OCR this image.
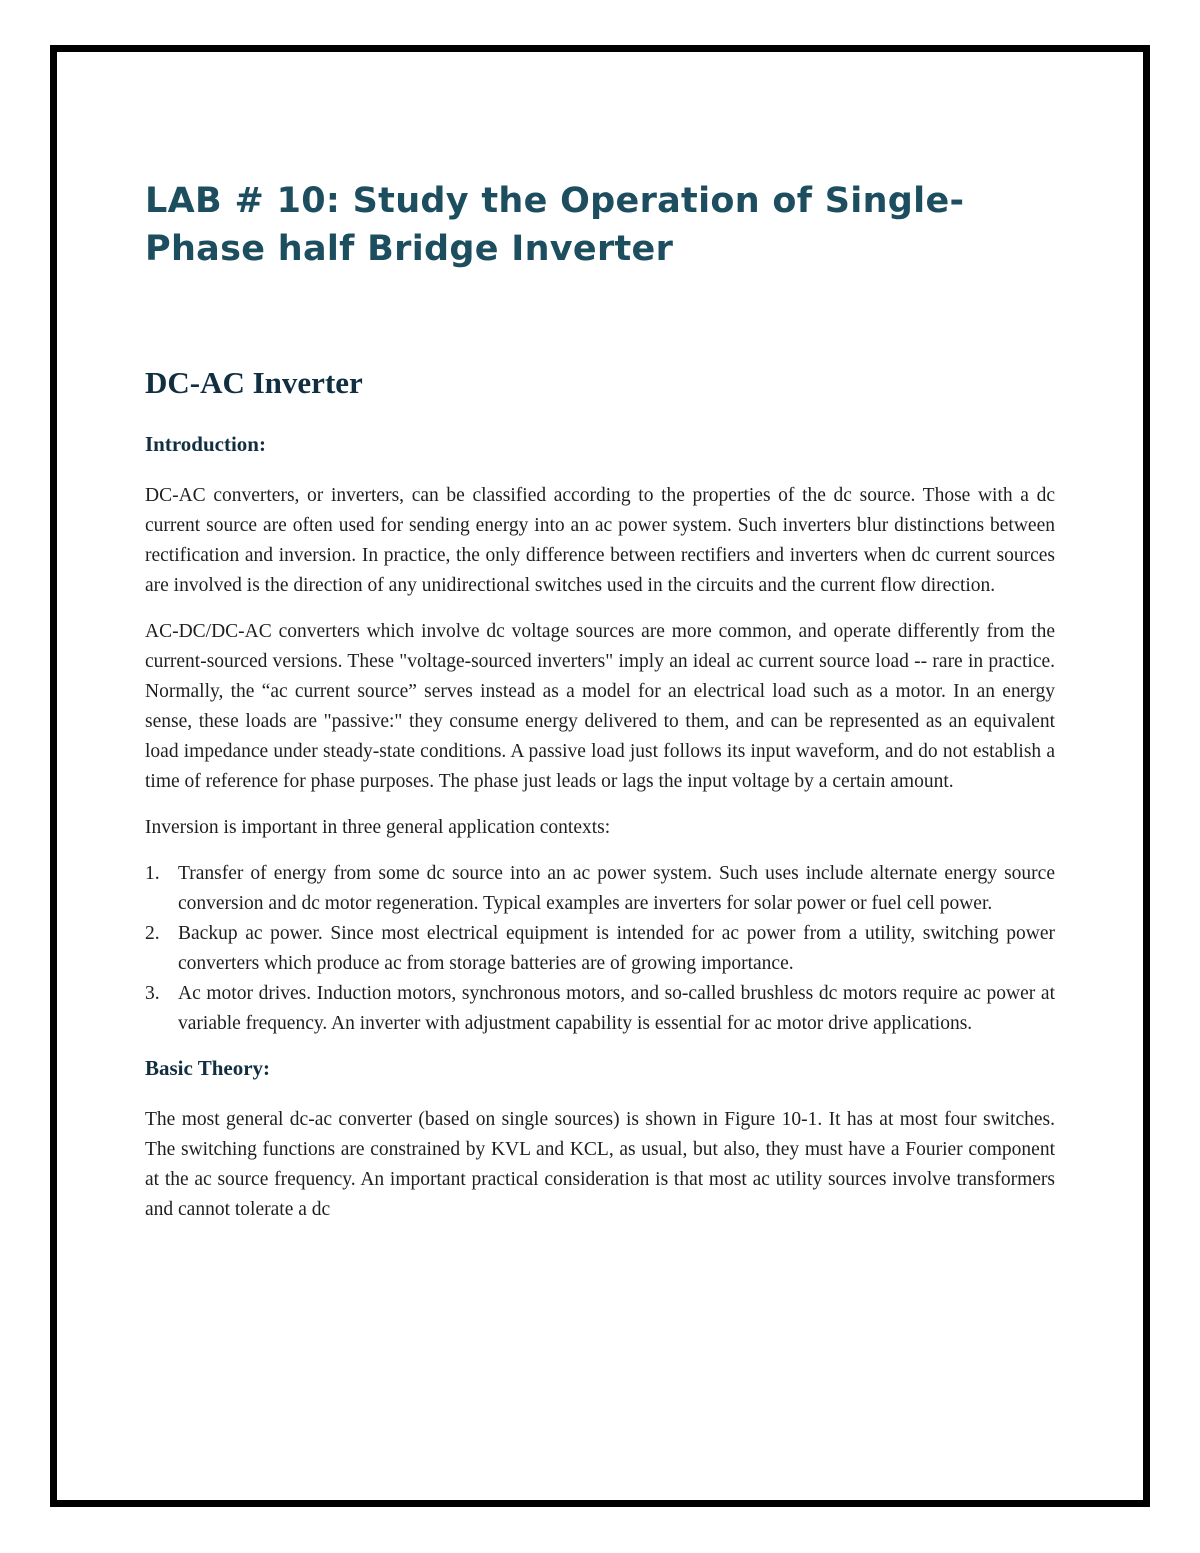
LAB # 10: Study the Operation of Single-Phase half Bridge Inverter
DC-AC Inverter
Introduction:

DC-AC converters, or inverters, can be classified according to the properties of the dc source. Those with a dc current source are often used for sending energy into an ac power system. Such inverters blur distinctions between rectification and inversion. In practice, the only difference between rectifiers and inverters when dc current sources are involved is the direction of any unidirectional switches used in the circuits and the current flow direction.

AC-DC/DC-AC converters which involve dc voltage sources are more common, and operate differently from the current-sourced versions. These "voltage-sourced inverters" imply an ideal ac current source load -- rare in practice. Normally, the “ac current source” serves instead as a model for an electrical load such as a motor. In an energy sense, these loads are "passive:" they consume energy delivered to them, and can be represented as an equivalent load impedance under steady-state conditions. A passive load just follows its input waveform, and do not establish a time of reference for phase purposes. The phase just leads or lags the input voltage by a certain amount.

Inversion is important in three general application contexts:

1. Transfer of energy from some dc source into an ac power system. Such uses include alternate energy source conversion and dc motor regeneration. Typical examples are inverters for solar power or fuel cell power.
2. Backup ac power. Since most electrical equipment is intended for ac power from a utility, switching power converters which produce ac from storage batteries are of growing importance.
3. Ac motor drives. Induction motors, synchronous motors, and so-called brushless dc motors require ac power at variable frequency. An inverter with adjustment capability is essential for ac motor drive applications.
Basic Theory:

The most general dc-ac converter (based on single sources) is shown in Figure 10-1. It has at most four switches. The switching functions are constrained by KVL and KCL, as usual, but also, they must have a Fourier component at the ac source frequency. An important practical consideration is that most ac utility sources involve transformers and cannot tolerate a dc
